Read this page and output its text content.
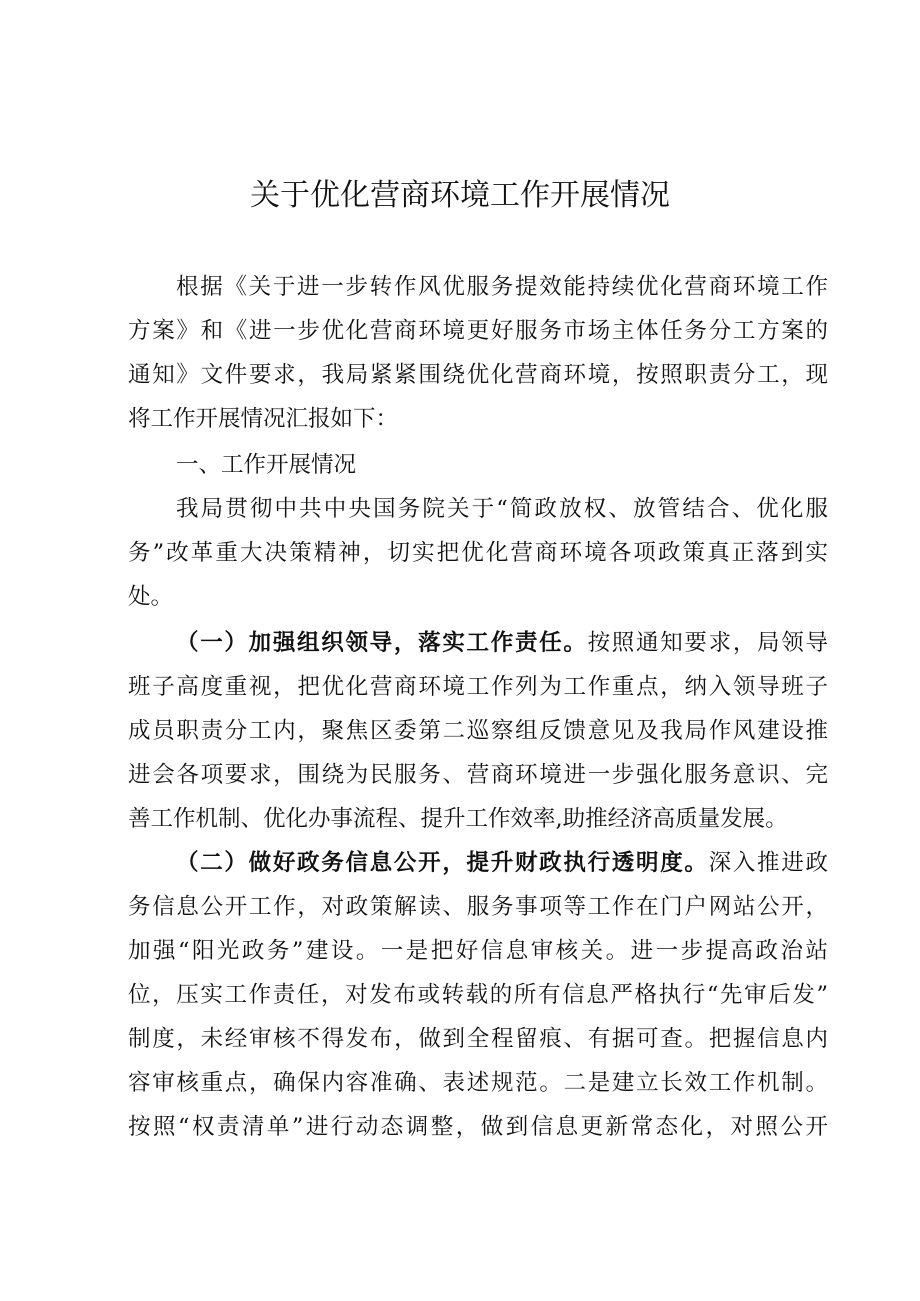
关于优化营商环境工作开展情况
根据《关于进一步转作风优服务提效能持续优化营商环境工作
方案》和《进一步优化营商环境更好服务市场主体任务分工方案的
通知》文件要求，我局紧紧围绕优化营商环境，按照职责分工，现
将工作开展情况汇报如下：
一、工作开展情况
我局贯彻中共中央国务院关于“简政放权、放管结合、优化服
务”改革重大决策精神，切实把优化营商环境各项政策真正落到实
处。
（一）加强组织领导，落实工作责任。按照通知要求，局领导
班子高度重视，把优化营商环境工作列为工作重点，纳入领导班子
成员职责分工内，聚焦区委第二巡察组反馈意见及我局作风建设推
进会各项要求，围绕为民服务、营商环境进一步强化服务意识、完
善工作机制、优化办事流程、提升工作效率,助推经济高质量发展。
（二）做好政务信息公开，提升财政执行透明度。深入推进政
务信息公开工作，对政策解读、服务事项等工作在门户网站公开，
加强“阳光政务”建设。一是把好信息审核关。进一步提高政治站
位，压实工作责任，对发布或转载的所有信息严格执行“先审后发”
制度，未经审核不得发布，做到全程留痕、有据可查。把握信息内
容审核重点，确保内容准确、表述规范。二是建立长效工作机制。
按照“权责清单”进行动态调整，做到信息更新常态化，对照公开
